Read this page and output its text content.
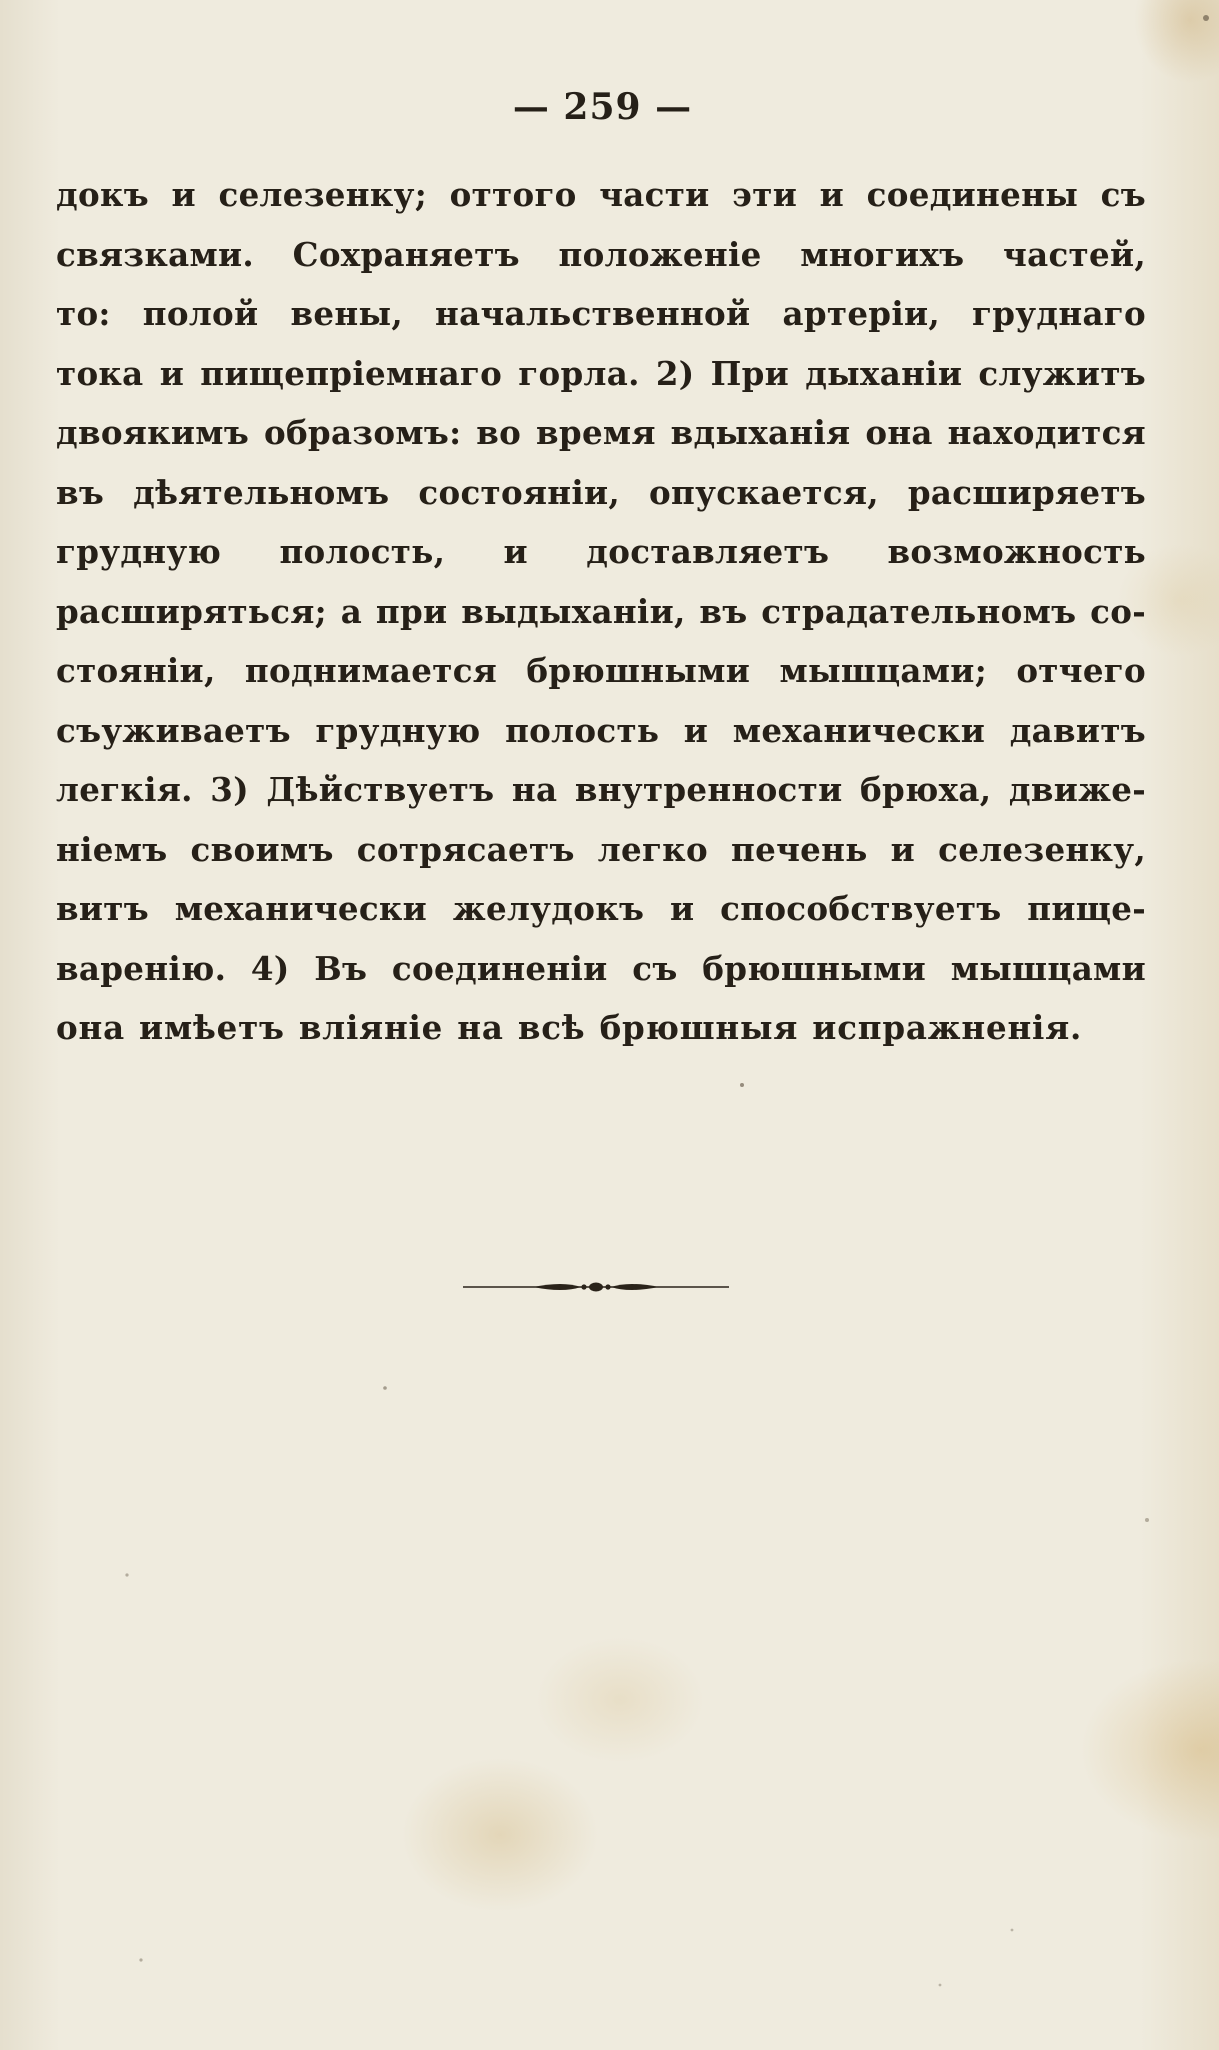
— 259 —
докъ и селезенку; оттого части эти и соединены съ
связками. Сохраняетъ положеніе многихъ частей,
то: полой вены, начальственной артеріи, груднаго
тока и пищепріемнаго горла. 2) При дыханіи служитъ
двоякимъ образомъ: во время вдыханія она находится
въ дѣятельномъ состояніи, опускается, расширяетъ
грудную полость, и доставляетъ возможность
расширяться; а при выдыханіи, въ страдательномъ со-
стояніи, поднимается брюшными мышцами; отчего
съуживаетъ грудную полость и механически давитъ
легкія. 3) Дѣйствуетъ на внутренности брюха, движе-
ніемъ своимъ сотрясаетъ легко печень и селезенку,
витъ механически желудокъ и способствуетъ пище-
варенію. 4) Въ соединеніи съ брюшными мышцами
она имѣетъ вліяніе на всѣ брюшныя испражненія.
